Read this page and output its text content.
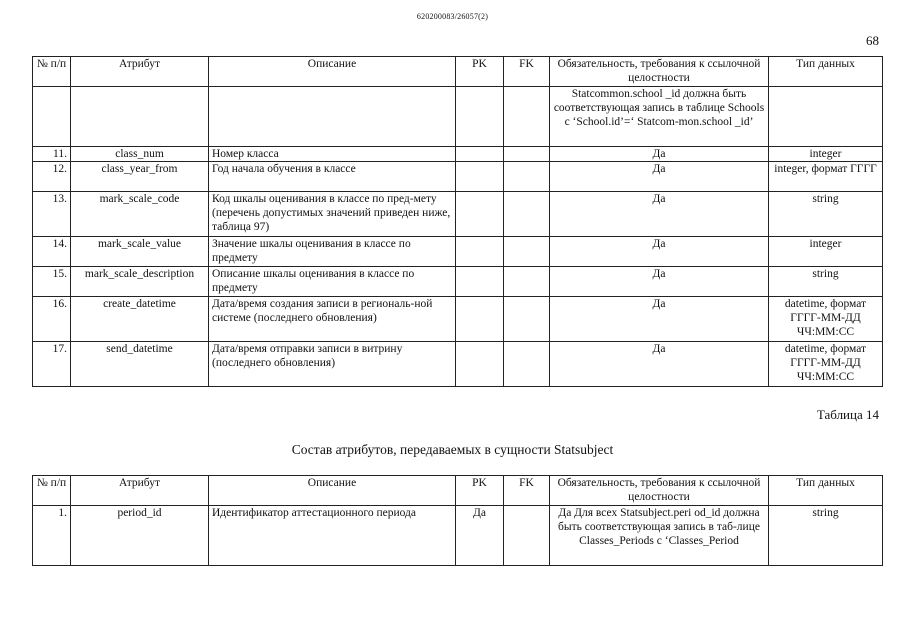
620200083/26057(2)
68
№ п/п	Атрибут	Описание	PK	FK	Обязательность, требования к ссылочной целостности	Тип данных
					Statcommon.school _id должна быть соответствующая запись в таблице Schools с ‘School.id’=‘ Statcom-mon.school _id’	
11.	class_num	Номер класса			Да	integer
12.	class_year_from	Год начала обучения в классе			Да	integer, формат ГГГГ
13.	mark_scale_code	Код шкалы оценивания в классе по пред-мету (перечень допустимых значений приведен ниже, таблица 97)			Да	string
14.	mark_scale_value	Значение шкалы оценивания в классе по предмету			Да	integer
15.	mark_scale_description	Описание шкалы оценивания в классе по предмету			Да	string
16.	create_datetime	Дата/время создания записи в региональ-ной системе (последнего обновления)			Да	datetime, формат ГГГГ-ММ-ДД ЧЧ:ММ:СС
17.	send_datetime	Дата/время отправки записи в витрину (последнего обновления)			Да	datetime, формат ГГГГ-ММ-ДД ЧЧ:ММ:СС
Таблица 14
Состав атрибутов, передаваемых в сущности Statsubject
№ п/п	Атрибут	Описание	PK	FK	Обязательность, требования к ссылочной целостности	Тип данных
1.	period_id	Идентификатор аттестационного периода	Да		Да Для всех Statsubject.peri od_id должна быть соответствующая запись в таб-лице Classes_Periods с ‘Classes_Period	string
